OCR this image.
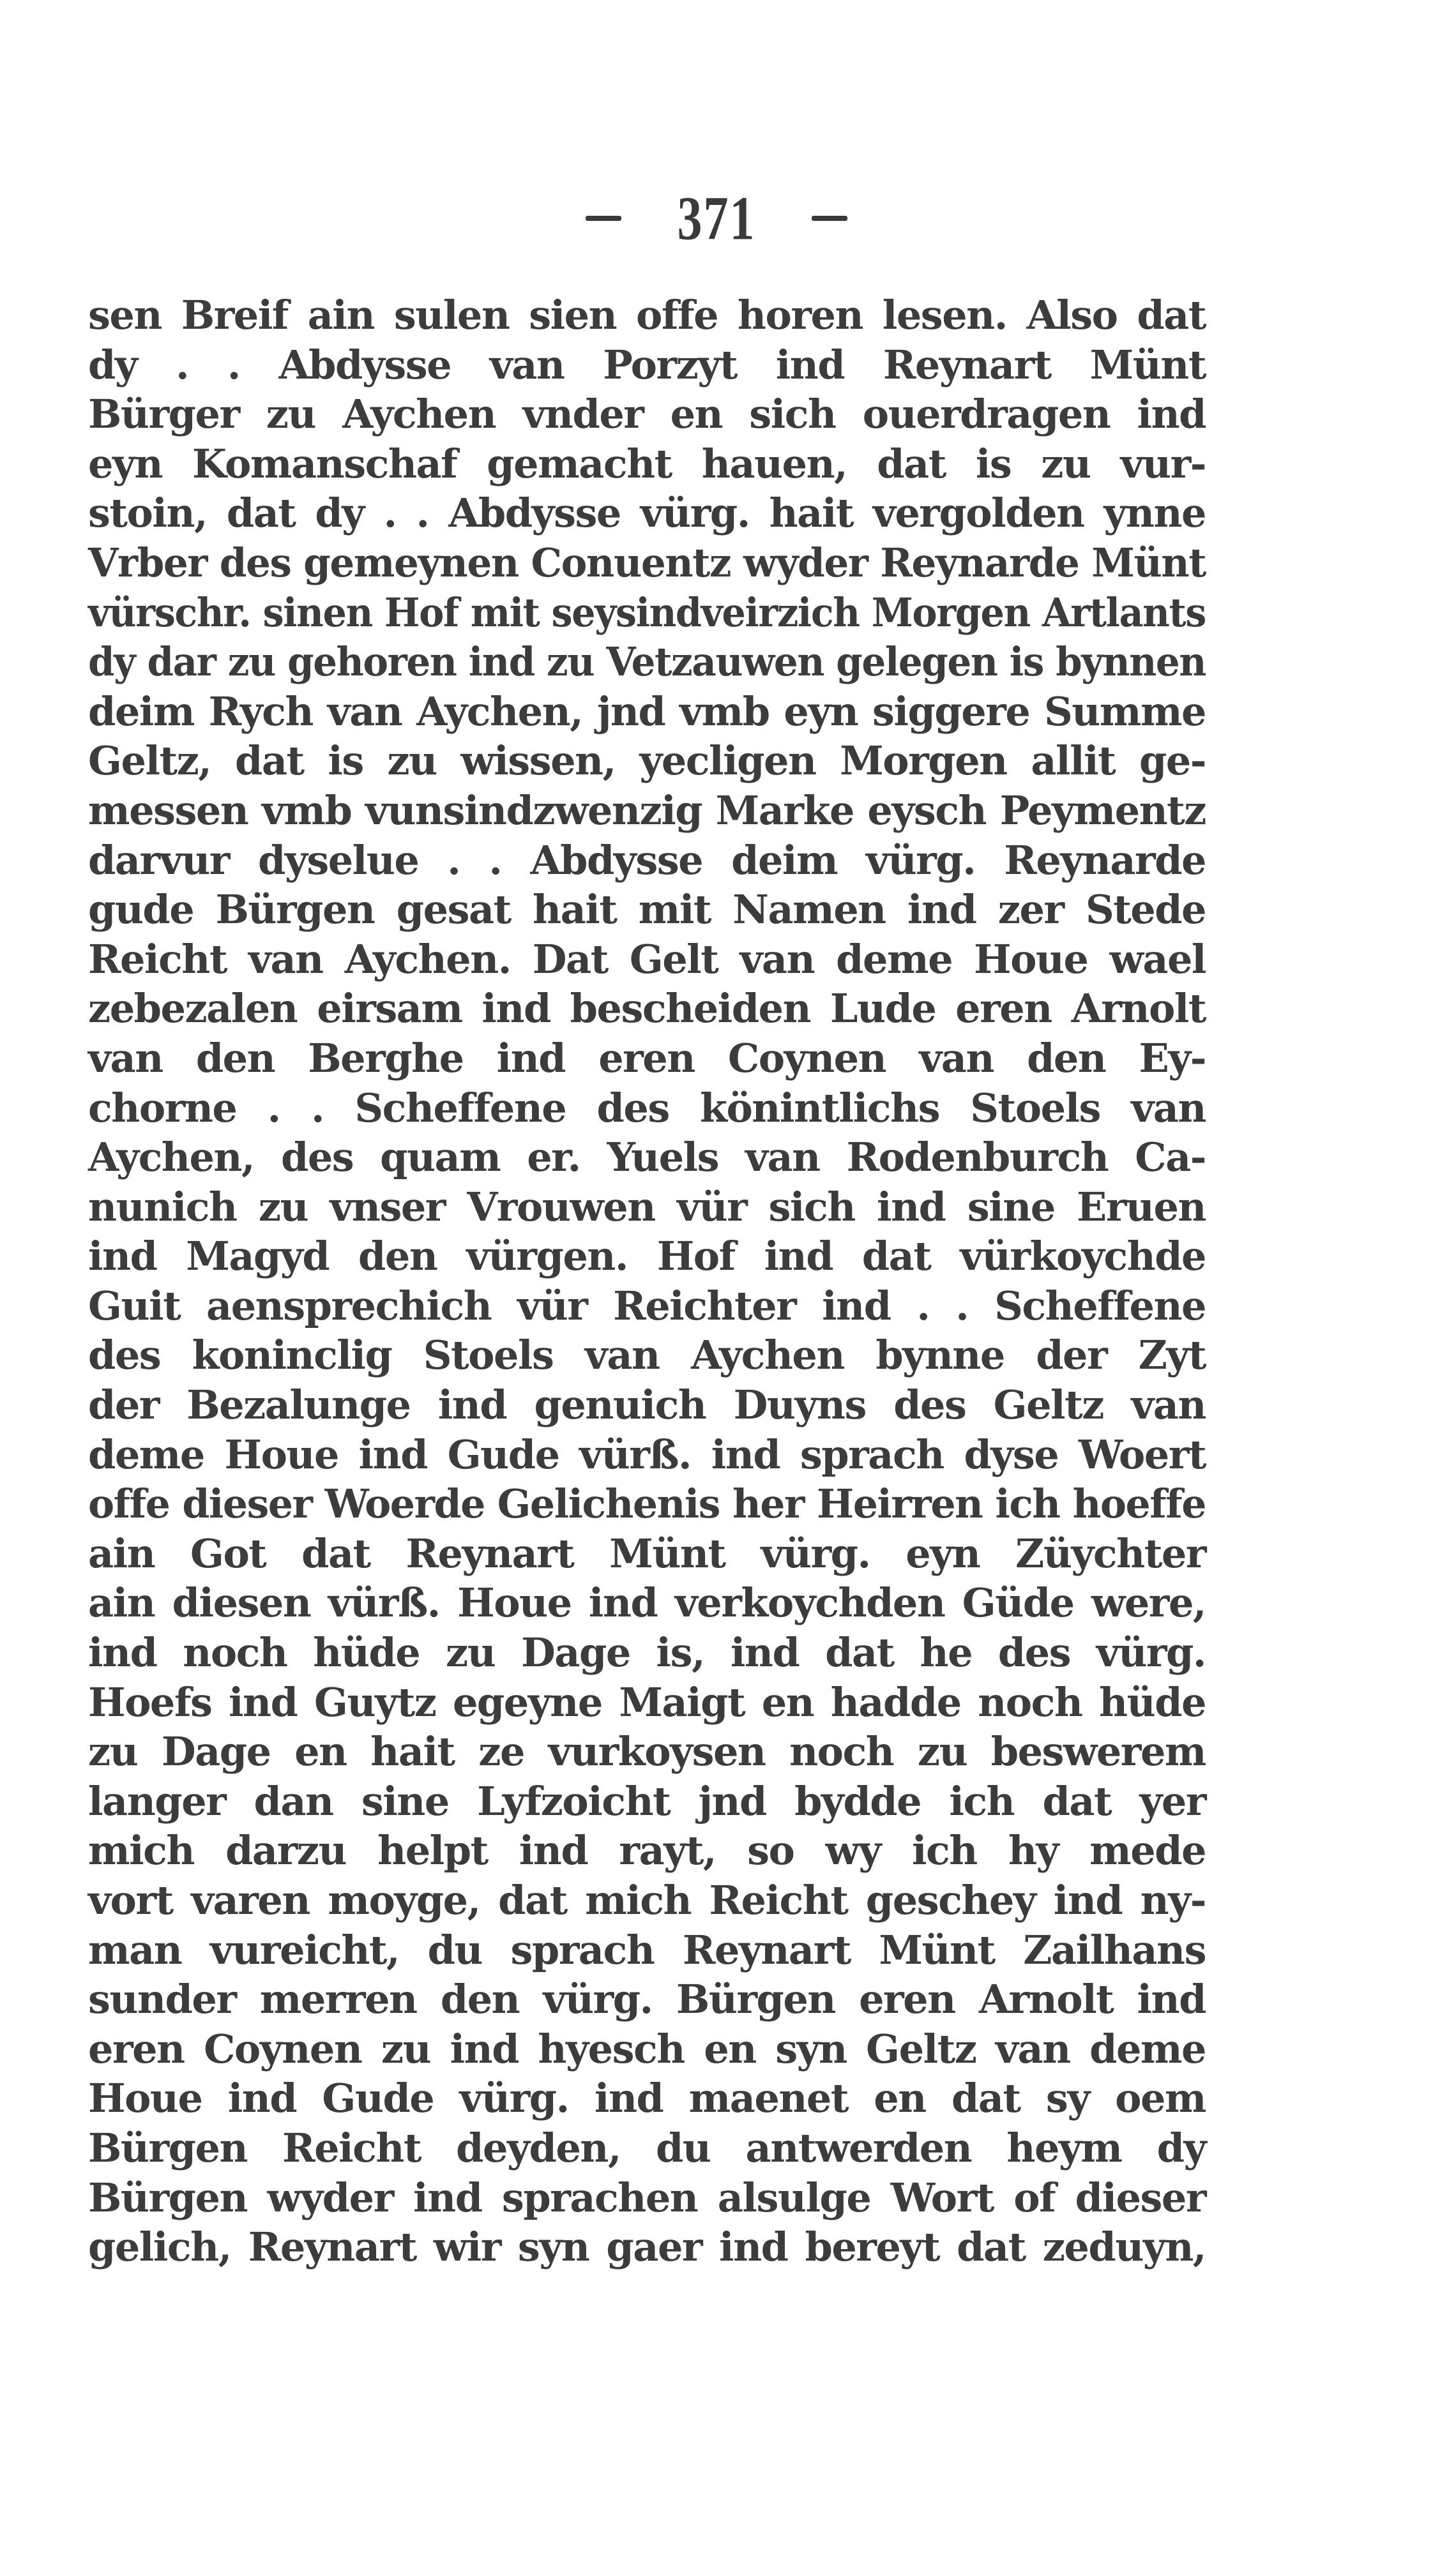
371
sen Breif ain sulen sien offe horen lesen. Also dat
dy . . Abdysse van Porzyt ind Reynart Münt
Bürger zu Aychen vnder en sich ouerdragen ind
eyn Komanschaf gemacht hauen, dat is zu vur-
stoin, dat dy . . Abdysse vürg. hait vergolden ynne
Vrber des gemeynen Conuentz wyder Reynarde Münt
vürschr. sinen Hof mit seysindveirzich Morgen Artlants
dy dar zu gehoren ind zu Vetzauwen gelegen is bynnen
deim Rych van Aychen, jnd vmb eyn siggere Summe
Geltz, dat is zu wissen, yecligen Morgen allit ge-
messen vmb vunsindzwenzig Marke eysch Peymentz
darvur dyselue . . Abdysse deim vürg. Reynarde
gude Bürgen gesat hait mit Namen ind zer Stede
Reicht van Aychen. Dat Gelt van deme Houe wael
zebezalen eirsam ind bescheiden Lude eren Arnolt
van den Berghe ind eren Coynen van den Ey-
chorne . . Scheffene des könintlichs Stoels van
Aychen, des quam er. Yuels van Rodenburch Ca-
nunich zu vnser Vrouwen vür sich ind sine Eruen
ind Magyd den vürgen. Hof ind dat vürkoychde
Guit aensprechich vür Reichter ind . . Scheffene
des koninclig Stoels van Aychen bynne der Zyt
der Bezalunge ind genuich Duyns des Geltz van
deme Houe ind Gude vürß. ind sprach dyse Woert
offe dieser Woerde Gelichenis her Heirren ich hoeffe
ain Got dat Reynart Münt vürg. eyn Züychter
ain diesen vürß. Houe ind verkoychden Güde were,
ind noch hüde zu Dage is, ind dat he des vürg.
Hoefs ind Guytz egeyne Maigt en hadde noch hüde
zu Dage en hait ze vurkoysen noch zu beswerem
langer dan sine Lyfzoicht jnd bydde ich dat yer
mich darzu helpt ind rayt, so wy ich hy mede
vort varen moyge, dat mich Reicht geschey ind ny-
man vureicht, du sprach Reynart Münt Zailhans
sunder merren den vürg. Bürgen eren Arnolt ind
eren Coynen zu ind hyesch en syn Geltz van deme
Houe ind Gude vürg. ind maenet en dat sy oem
Bürgen Reicht deyden, du antwerden heym dy
Bürgen wyder ind sprachen alsulge Wort of dieser
gelich, Reynart wir syn gaer ind bereyt dat zeduyn,
